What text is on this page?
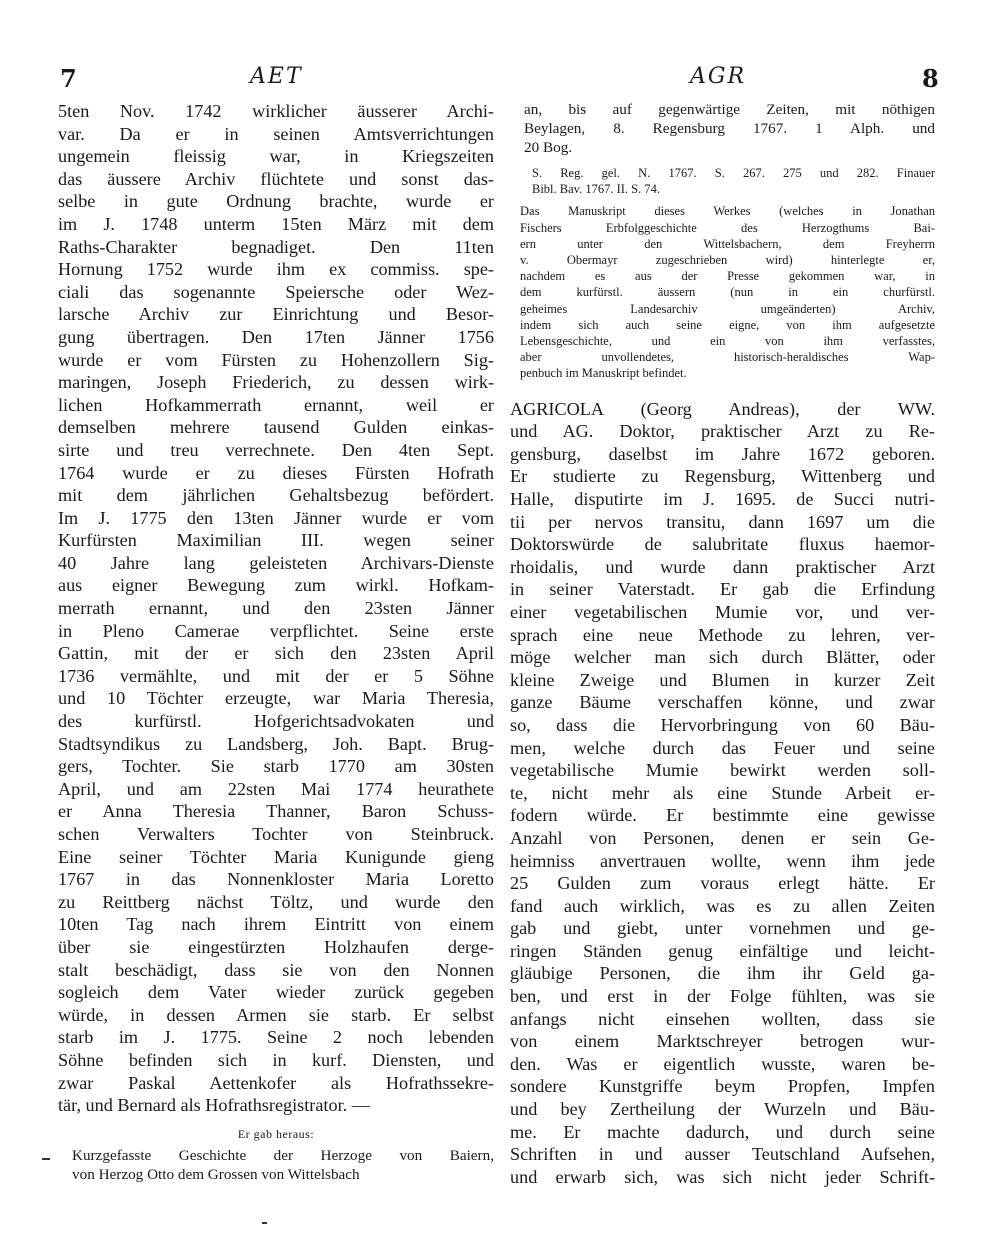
7	AET	AGR	8

5ten Nov. 1742 wirklicher äusserer Archi-
var. Da er in seinen Amtsverrichtungen
ungemein fleissig war, in Kriegszeiten
das äussere Archiv flüchtete und sonst das-
selbe in gute Ordnung brachte, wurde er
im J. 1748 unterm 15ten März mit dem
Raths-Charakter begnadiget. Den 11ten
Hornung 1752 wurde ihm ex commiss. spe-
ciali das sogenannte Speiersche oder Wez-
larsche Archiv zur Einrichtung und Besor-
gung übertragen. Den 17ten Jänner 1756
wurde er vom Fürsten zu Hohenzollern Sig-
maringen, Joseph Friederich, zu dessen wirk-
lichen Hofkammerrath ernannt, weil er
demselben mehrere tausend Gulden einkas-
sirte und treu verrechnete. Den 4ten Sept.
1764 wurde er zu dieses Fürsten Hofrath
mit dem jährlichen Gehaltsbezug befördert.
Im J. 1775 den 13ten Jänner wurde er vom
Kurfürsten Maximilian III. wegen seiner
40 Jahre lang geleisteten Archivars-Dienste
aus eigner Bewegung zum wirkl. Hofkam-
merrath ernannt, und den 23sten Jänner
in Pleno Camerae verpflichtet. Seine erste
Gattin, mit der er sich den 23sten April
1736 vermählte, und mit der er 5 Söhne
und 10 Töchter erzeugte, war Maria Theresia,
des kurfürstl. Hofgerichtsadvokaten und
Stadtsyndikus zu Landsberg, Joh. Bapt. Brug-
gers, Tochter. Sie starb 1770 am 30sten
April, und am 22sten Mai 1774 heurathete
er Anna Theresia Thanner, Baron Schuss-
schen Verwalters Tochter von Steinbruck.
Eine seiner Töchter Maria Kunigunde gieng
1767 in das Nonnenkloster Maria Loretto
zu Reittberg nächst Töltz, und wurde den
10ten Tag nach ihrem Eintritt von einem
über sie eingestürzten Holzhaufen derge-
stalt beschädigt, dass sie von den Nonnen
sogleich dem Vater wieder zurück gegeben
würde, in dessen Armen sie starb. Er selbst
starb im J. 1775. Seine 2 noch lebenden
Söhne befinden sich in kurf. Diensten, und
zwar Paskal Aettenkofer als Hofrathssekre-
tär, und Bernard als Hofrathsregistrator. —

Er gab heraus:

Kurzgefasste Geschichte der Herzoge von Baiern,
von Herzog Otto dem Grossen von Wittelsbach
an, bis auf gegenwärtige Zeiten, mit nöthigen
Beylagen, 8. Regensburg 1767. 1 Alph. und
20 Bog.
S. Reg. gel. N. 1767. S. 267. 275 und 282. Finauer
Bibl. Bav. 1767. II. S. 74.
Das Manuskript dieses Werkes (welches in Jonathan
Fischers Erbfolggeschichte des Herzogthums Bai-
ern unter den Wittelsbachern, dem Freyherrn
v. Obermayr zugeschrieben wird) hinterlegte er,
nachdem es aus der Presse gekommen war, in
dem kurfürstl. äussern (nun in ein churfürstl.
geheimes Landesarchiv umgeänderten) Archiv,
indem sich auch seine eigne, von ihm aufgesetzte
Lebensgeschichte, und ein von ihm verfasstes,
aber unvollendetes, historisch-heraldisches Wap-
penbuch im Manuskript befindet.

AGRICOLA (Georg Andreas), der WW.
und AG. Doktor, praktischer Arzt zu Re-
gensburg, daselbst im Jahre 1672 geboren.
Er studierte zu Regensburg, Wittenberg und
Halle, disputirte im J. 1695. de Succi nutri-
tii per nervos transitu, dann 1697 um die
Doktorswürde de salubritate fluxus haemor-
rhoidalis, und wurde dann praktischer Arzt
in seiner Vaterstadt. Er gab die Erfindung
einer vegetabilischen Mumie vor, und ver-
sprach eine neue Methode zu lehren, ver-
möge welcher man sich durch Blätter, oder
kleine Zweige und Blumen in kurzer Zeit
ganze Bäume verschaffen könne, und zwar
so, dass die Hervorbringung von 60 Bäu-
men, welche durch das Feuer und seine
vegetabilische Mumie bewirkt werden soll-
te, nicht mehr als eine Stunde Arbeit er-
fodern würde. Er bestimmte eine gewisse
Anzahl von Personen, denen er sein Ge-
heimniss anvertrauen wollte, wenn ihm jede
25 Gulden zum voraus erlegt hätte. Er
fand auch wirklich, was es zu allen Zeiten
gab und giebt, unter vornehmen und ge-
ringen Ständen genug einfältige und leicht-
gläubige Personen, die ihm ihr Geld ga-
ben, und erst in der Folge fühlten, was sie
anfangs nicht einsehen wollten, dass sie
von einem Marktschreyer betrogen wur-
den. Was er eigentlich wusste, waren be-
sondere Kunstgriffe beym Propfen, Impfen
und bey Zertheilung der Wurzeln und Bäu-
me. Er machte dadurch, und durch seine
Schriften in und ausser Teutschland Aufsehen,
und erwarb sich, was sich nicht jeder Schrift-
